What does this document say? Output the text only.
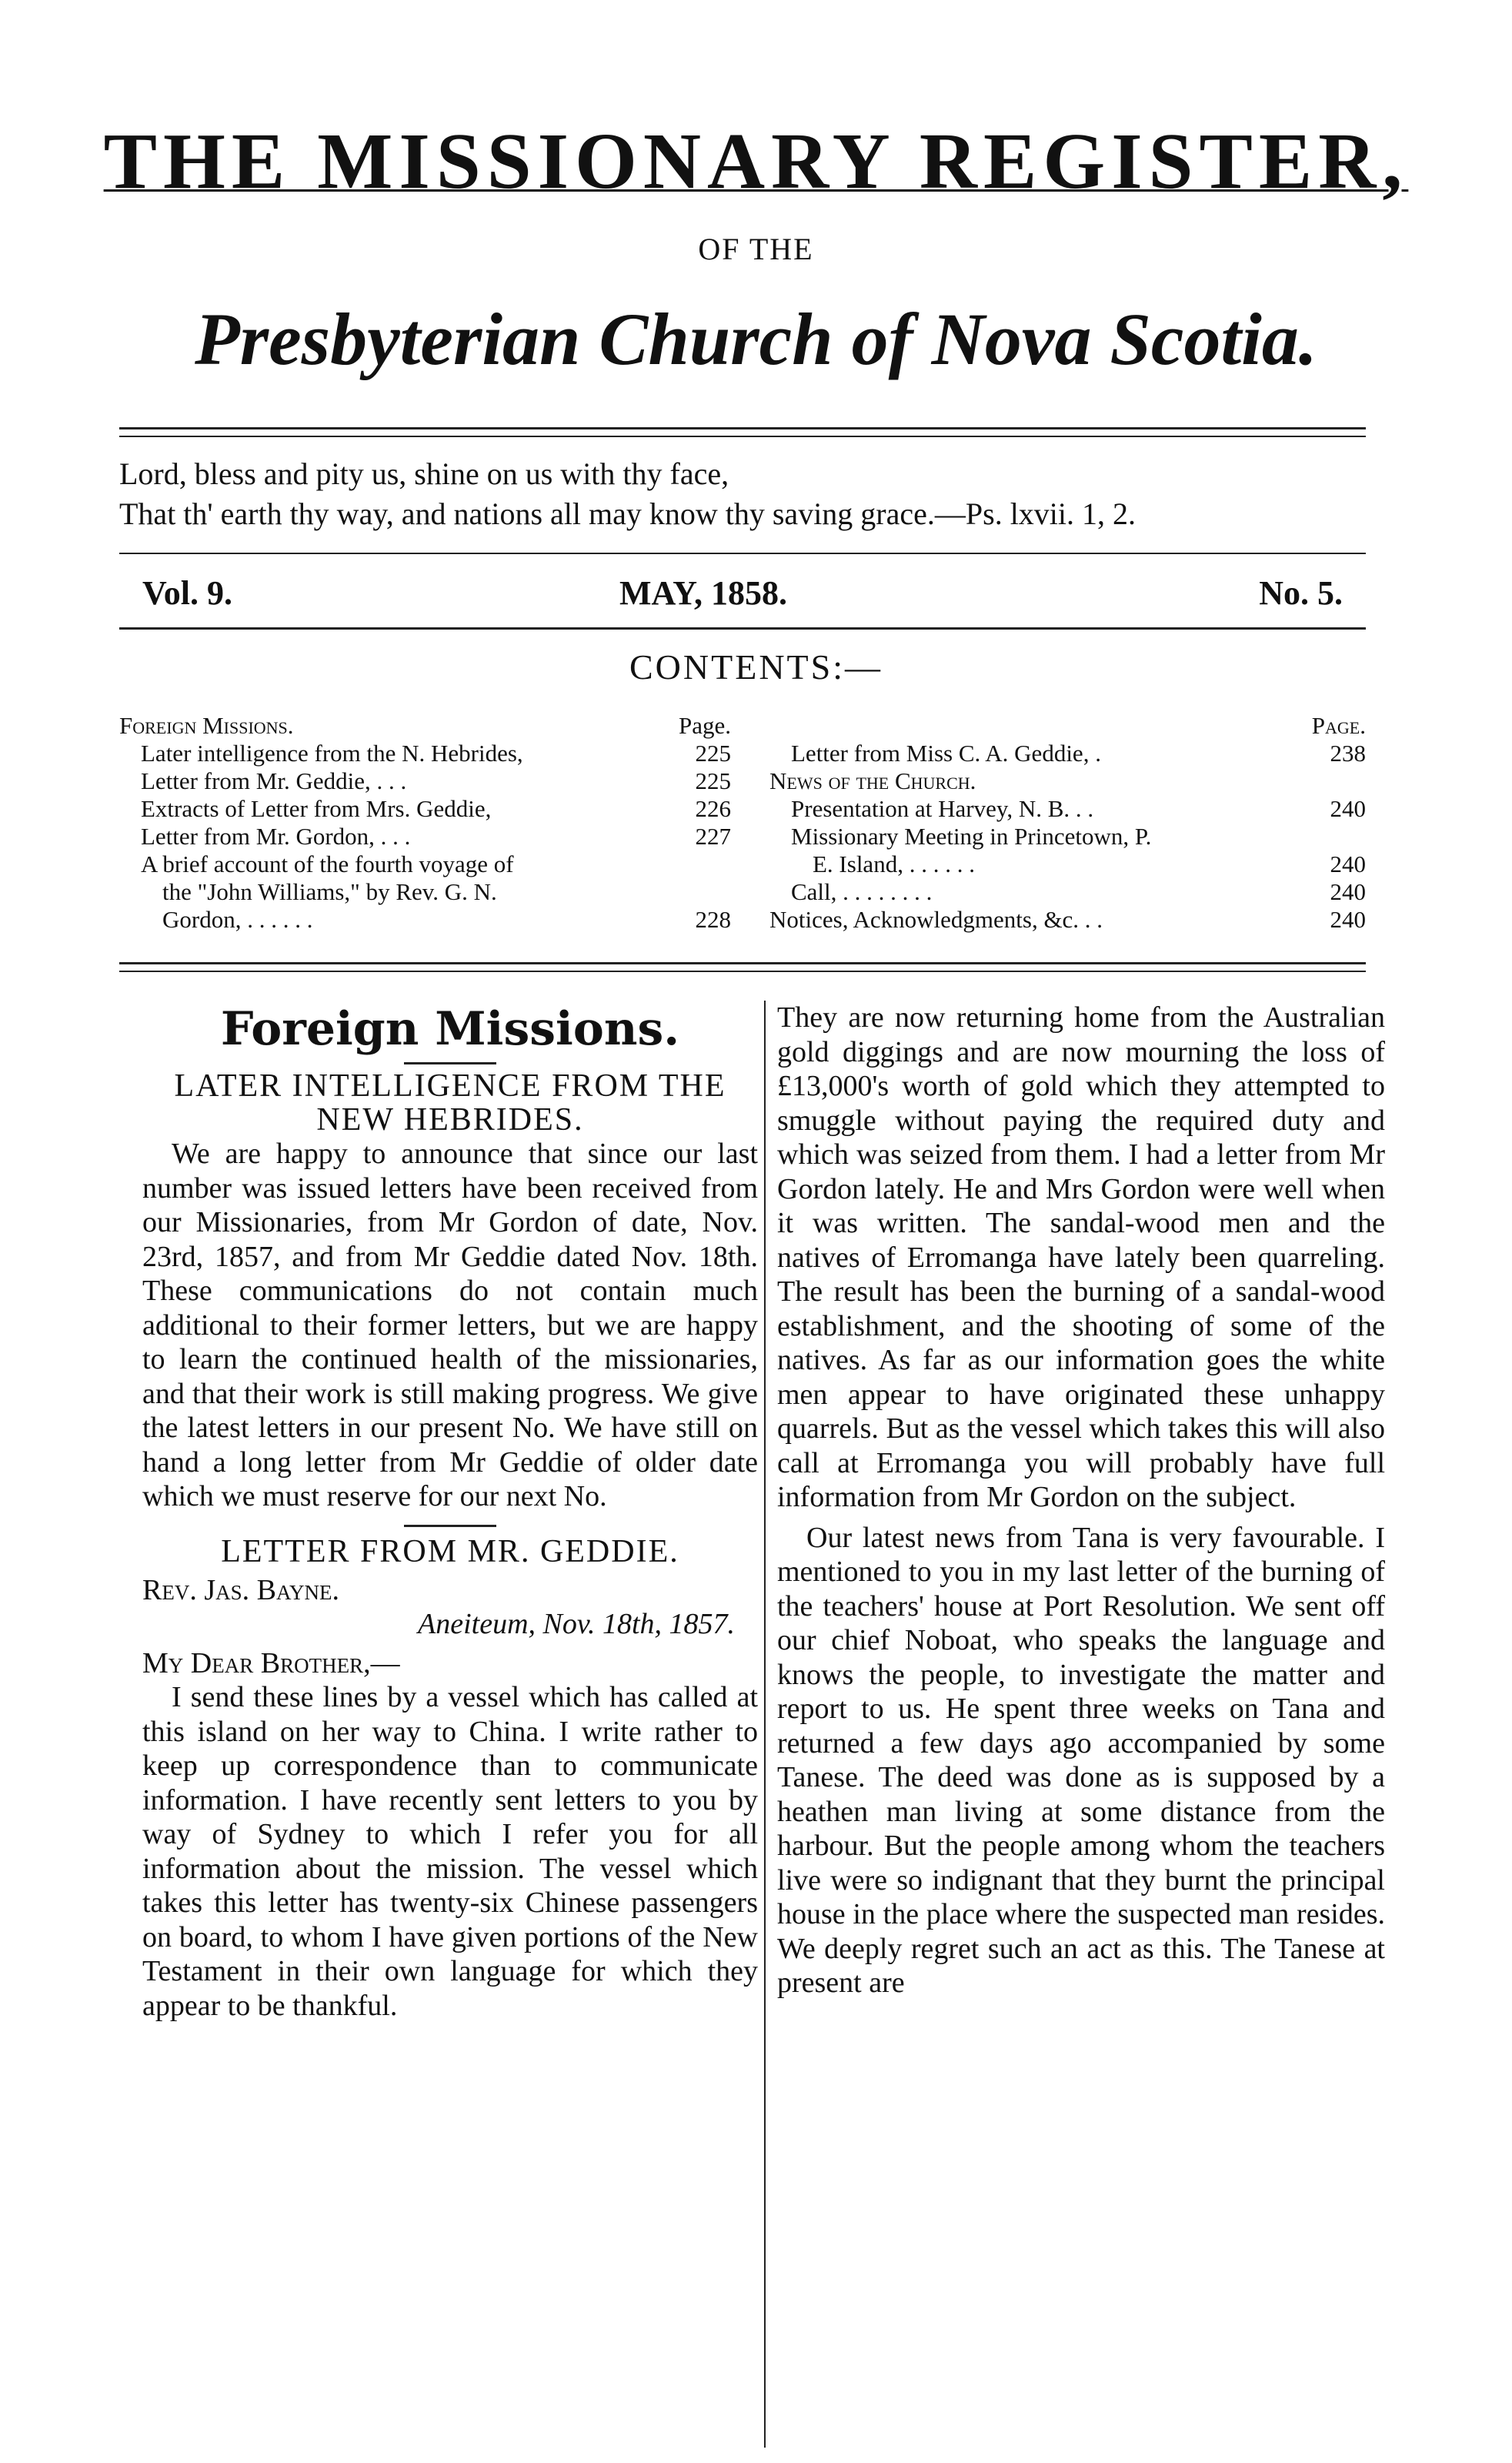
THE MISSIONARY REGISTER,
OF THE
Presbyterian Church of Nova Scotia.
Lord, bless and pity us, shine on us with thy face,
That th' earth thy way, and nations all may know thy saving grace.—Ps. lxvii. 1, 2.
Vol. 9.	MAY, 1858.	No. 5.
CONTENTS:—
Foreign Missions.	Page.
Later intelligence from the N. Hebrides,	225
Letter from Mr. Geddie, . . .	225
Extracts of Letter from Mrs. Geddie,	226
Letter from Mr. Gordon, . . .	227
A brief account of the fourth voyage of
the "John Williams," by Rev. G. N.
Gordon, . . . . . .	228
Page.
Letter from Miss C. A. Geddie, .	238
News of the Church.
Presentation at Harvey, N. B. . .	240
Missionary Meeting in Princetown, P.
E. Island, . . . . . .	240
Call, . . . . . . . .	240
Notices, Acknowledgments, &c. . .	240
Foreign Missions.
LATER INTELLIGENCE FROM THE NEW HEBRIDES.

We are happy to announce that since our last number was issued letters have been received from our Missionaries, from Mr Gordon of date, Nov. 23rd, 1857, and from Mr Geddie dated Nov. 18th. These communications do not contain much additional to their former letters, but we are happy to learn the continued health of the missionaries, and that their work is still making progress. We give the latest letters in our present No. We have still on hand a long letter from Mr Geddie of older date which we must reserve for our next No.

LETTER FROM MR. GEDDIE.
Rev. Jas. Bayne.
Aneiteum, Nov. 18th, 1857.
My Dear Brother,—

I send these lines by a vessel which has called at this island on her way to China. I write rather to keep up correspondence than to communicate information. I have recently sent letters to you by way of Sydney to which I refer you for all information about the mission. The vessel which takes this letter has twenty-six Chinese passengers on board, to whom I have given portions of the New Testament in their own language for which they appear to be thankful.

They are now returning home from the Australian gold diggings and are now mourning the loss of £13,000's worth of gold which they attempted to smuggle without paying the required duty and which was seized from them. I had a letter from Mr Gordon lately. He and Mrs Gordon were well when it was written. The sandal-wood men and the natives of Erromanga have lately been quarreling. The result has been the burning of a sandal-wood establishment, and the shooting of some of the natives. As far as our information goes the white men appear to have originated these unhappy quarrels. But as the vessel which takes this will also call at Erromanga you will probably have full information from Mr Gordon on the subject.

Our latest news from Tana is very favourable. I mentioned to you in my last letter of the burning of the teachers' house at Port Resolution. We sent off our chief Noboat, who speaks the language and knows the people, to investigate the matter and report to us. He spent three weeks on Tana and returned a few days ago accompanied by some Tanese. The deed was done as is supposed by a heathen man living at some distance from the harbour. But the people among whom the teachers live were so indignant that they burnt the principal house in the place where the suspected man resides. We deeply regret such an act as this. The Tanese at present are
